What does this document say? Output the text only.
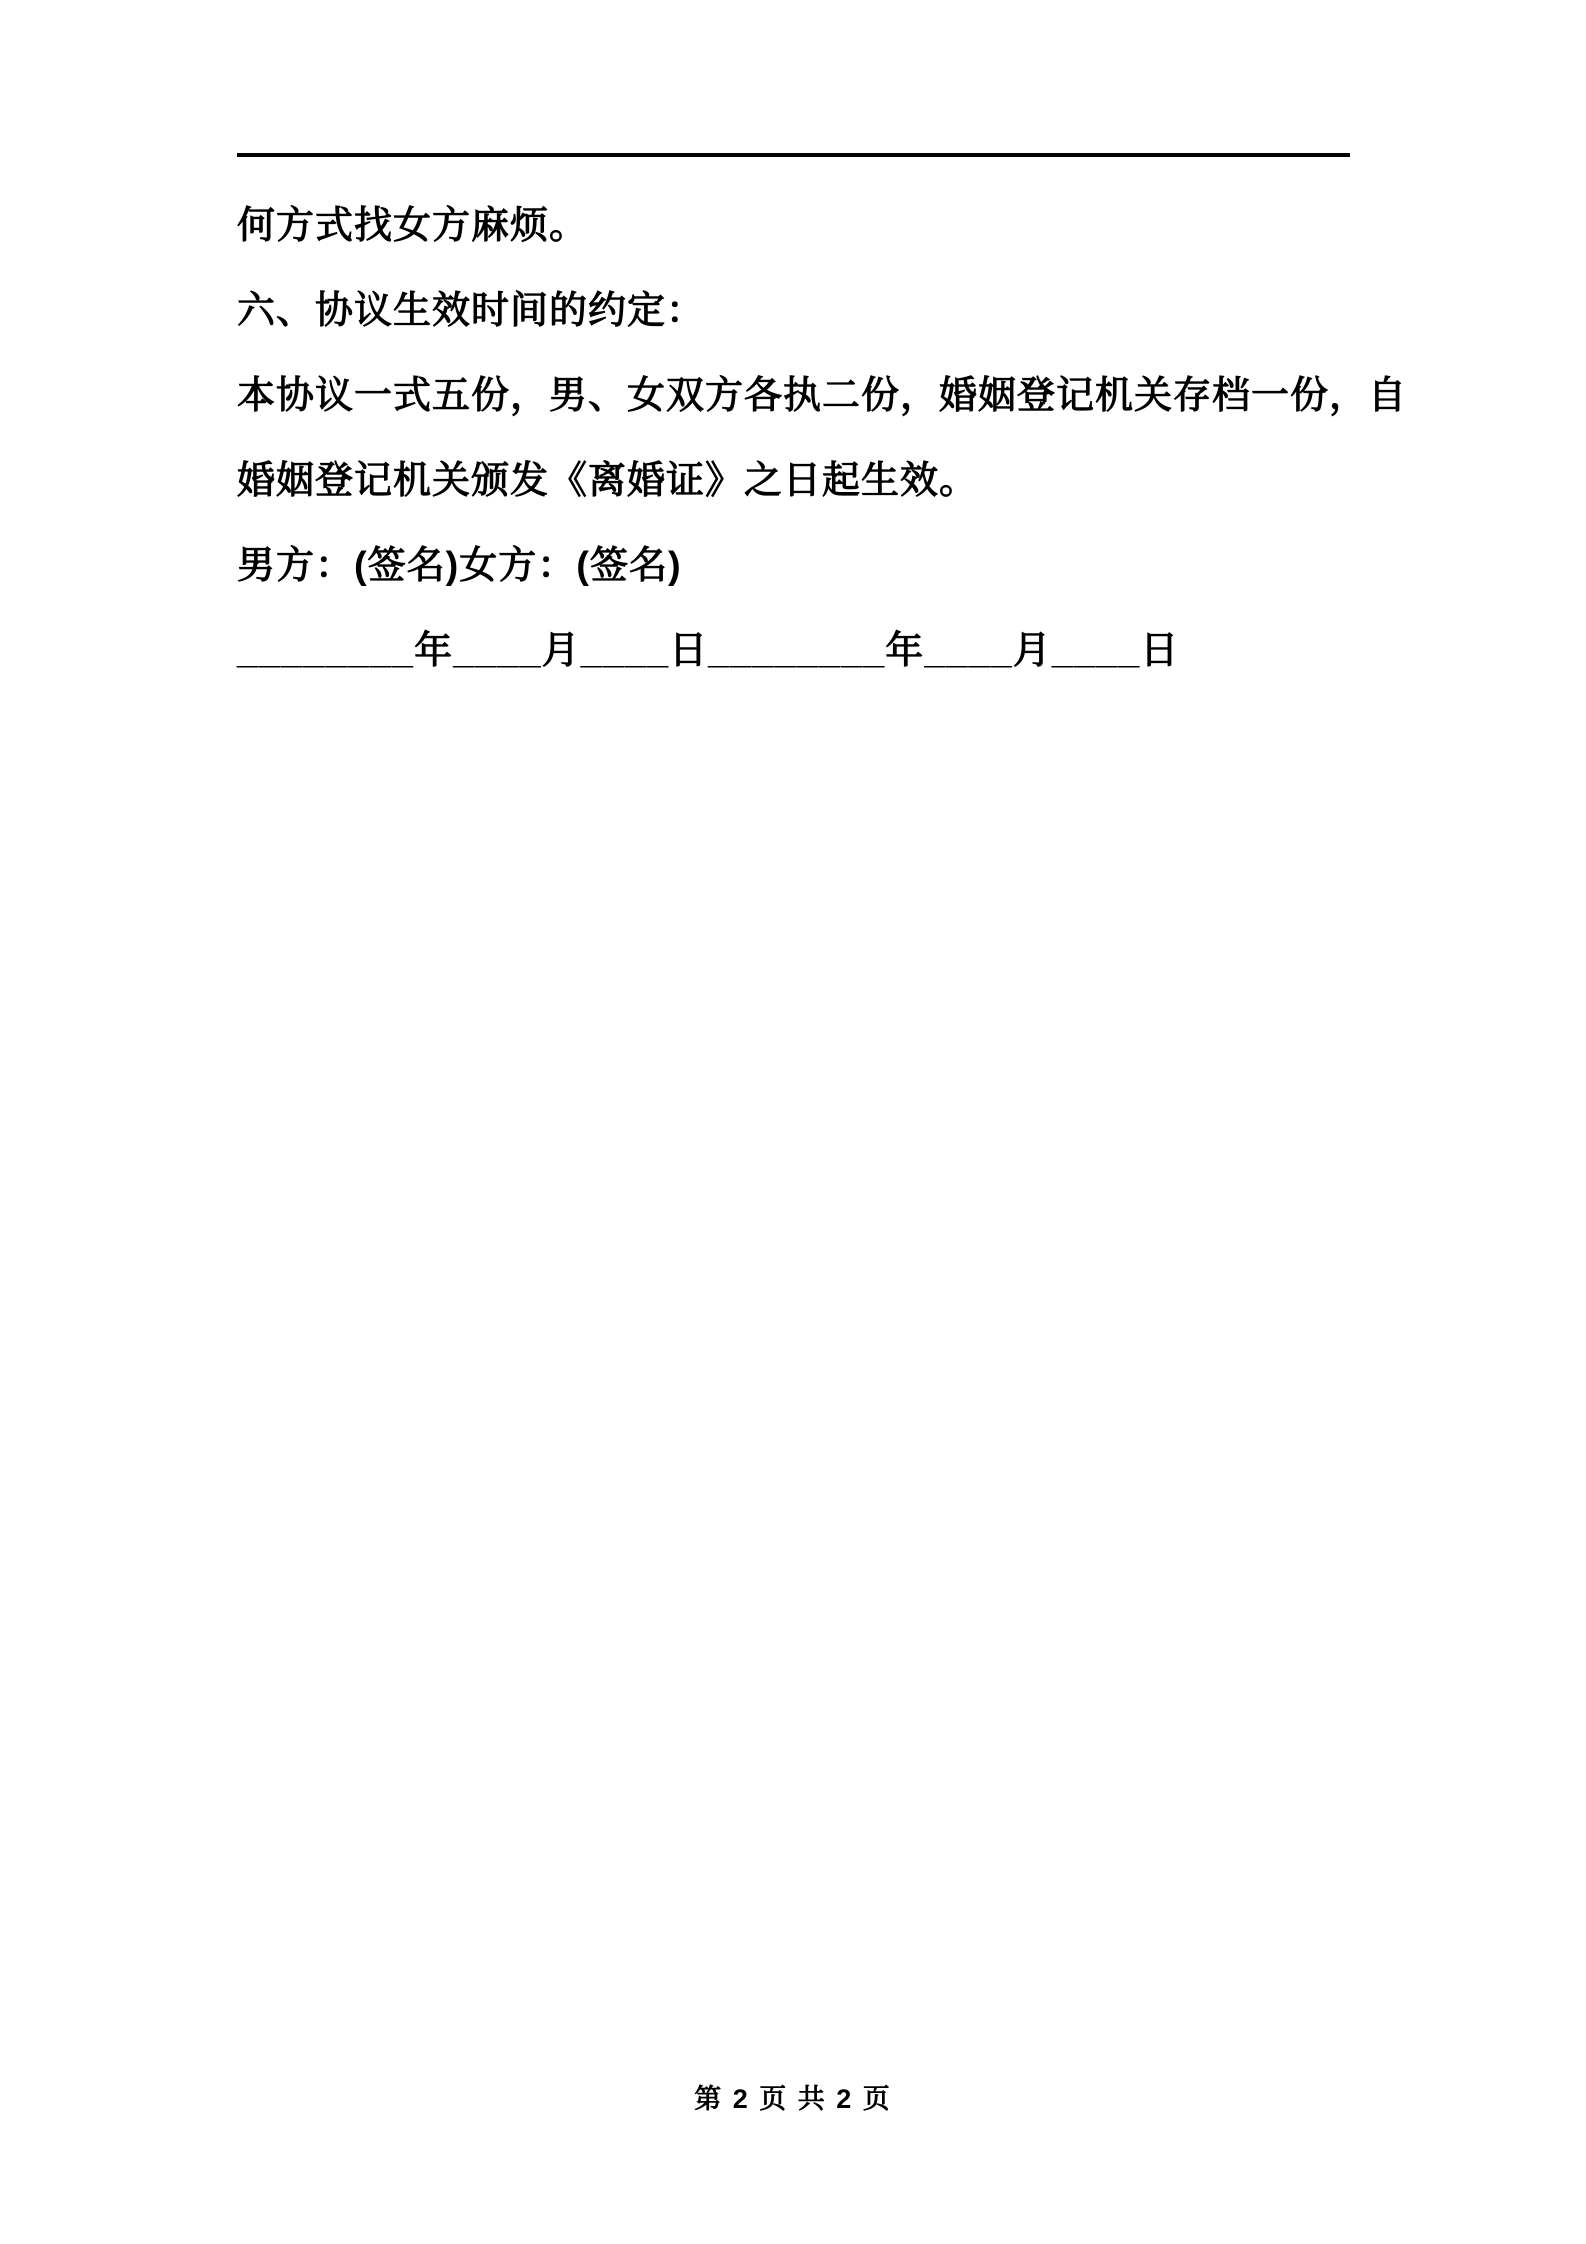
何方式找女方麻烦。

六、协议生效时间的约定：

本协议一式五份，男、女双方各执二份，婚姻登记机关存档一份，自

婚姻登记机关颁发《离婚证》之日起生效。

男方：(签名)女方：(签名)

________年____月____日________年____月____日

第 2 页 共 2 页
